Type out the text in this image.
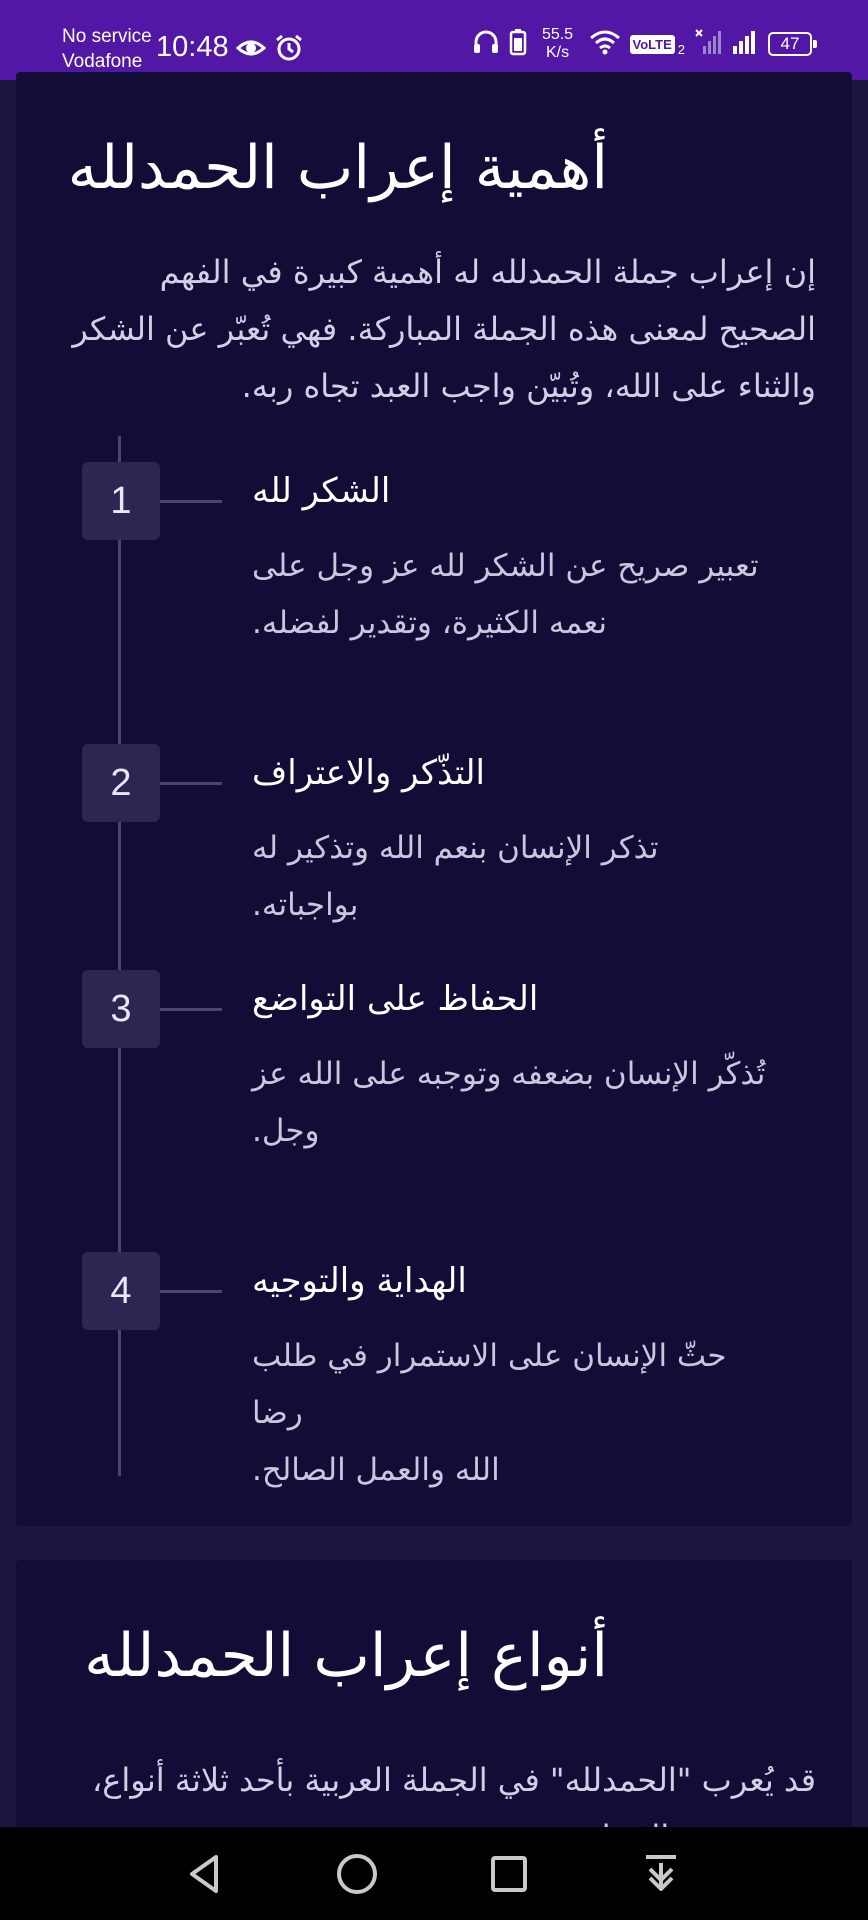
No service
Vodafone 10:48	55.5
K/s	VoLTE 2	47
أهمية إعراب الحمدلله

إن إعراب جملة الحمدلله له أهمية كبيرة في الفهم الصحيح لمعنى هذه الجملة المباركة. فهي تُعبّر عن الشكر والثناء على الله، وتُبيّن واجب العبد تجاه ربه.

1	الشكر لله
تعبير صريح عن الشكر لله عز وجل على
نعمه الكثيرة، وتقدير لفضله.
2	التذّكر والاعتراف
تذكر الإنسان بنعم الله وتذكير له بواجباته.
3	الحفاظ على التواضع
تُذكّر الإنسان بضعفه وتوجبه على الله عز
وجل.
4	الهداية والتوجيه
حثّ الإنسان على الاستمرار في طلب رضا
الله والعمل الصالح.
أنواع إعراب الحمدلله

قد يُعرب "الحمدلله" في الجملة العربية بأحد ثلاثة أنواع،
